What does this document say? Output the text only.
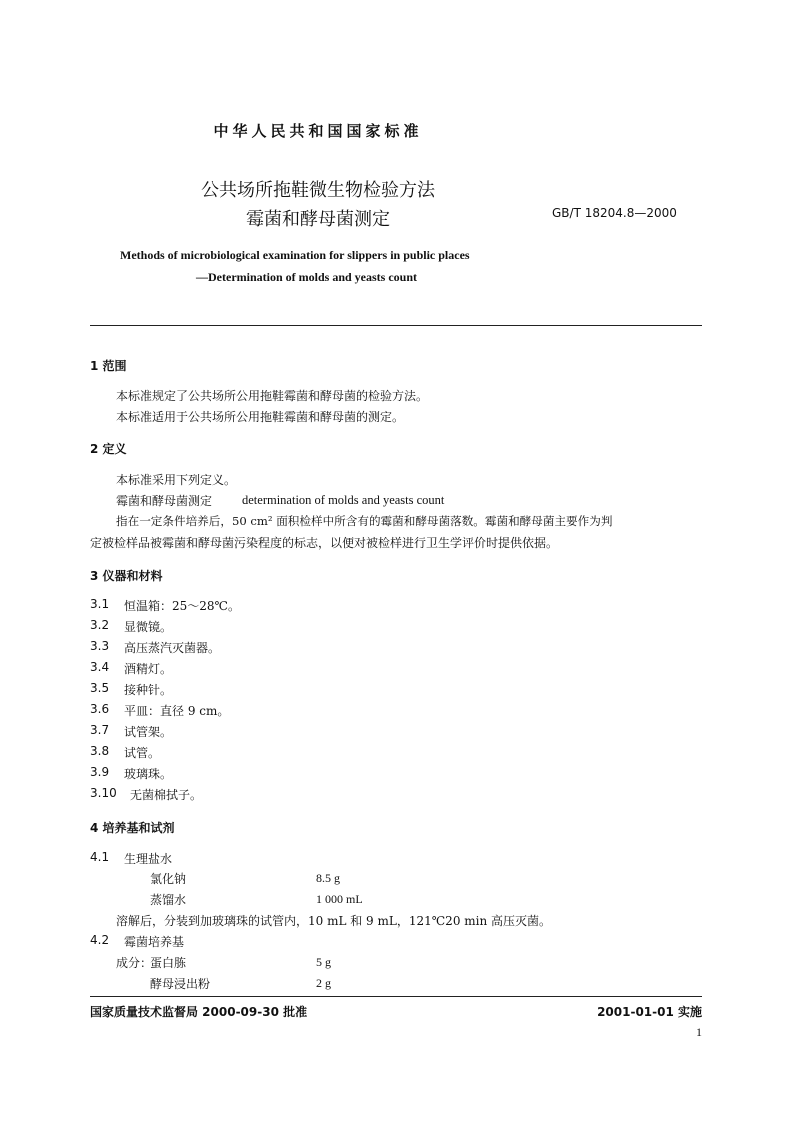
中华人民共和国国家标准
公共场所拖鞋微生物检验方法
霉菌和酵母菌测定	GB/T 18204.8—2000
Methods of microbiological examination for slippers in public places
—Determination of molds and yeasts count
1 范围
本标准规定了公共场所公用拖鞋霉菌和酵母菌的检验方法。
本标准适用于公共场所公用拖鞋霉菌和酵母菌的测定。
2 定义
本标准采用下列定义。
霉菌和酵母菌测定 determination of molds and yeasts count
指在一定条件培养后，50 cm² 面积检样中所含有的霉菌和酵母菌落数。霉菌和酵母菌主要作为判
定被检样品被霉菌和酵母菌污染程度的标志，以便对被检样进行卫生学评价时提供依据。
3 仪器和材料
3.1 恒温箱：25～28℃。
3.2 显微镜。
3.3 高压蒸汽灭菌器。
3.4 酒精灯。
3.5 接种针。
3.6 平皿：直径 9 cm。
3.7 试管架。
3.8 试管。
3.9 玻璃珠。
3.10 无菌棉拭子。
4 培养基和试剂
4.1 生理盐水
氯化钠	8.5 g
蒸馏水	1 000 mL
溶解后，分装到加玻璃珠的试管内，10 mL 和 9 mL，121℃20 min 高压灭菌。
4.2 霉菌培养基
成分：
蛋白胨	5 g
酵母浸出粉	2 g
国家质量技术监督局 2000-09-30 批准	2001-01-01 实施
1
